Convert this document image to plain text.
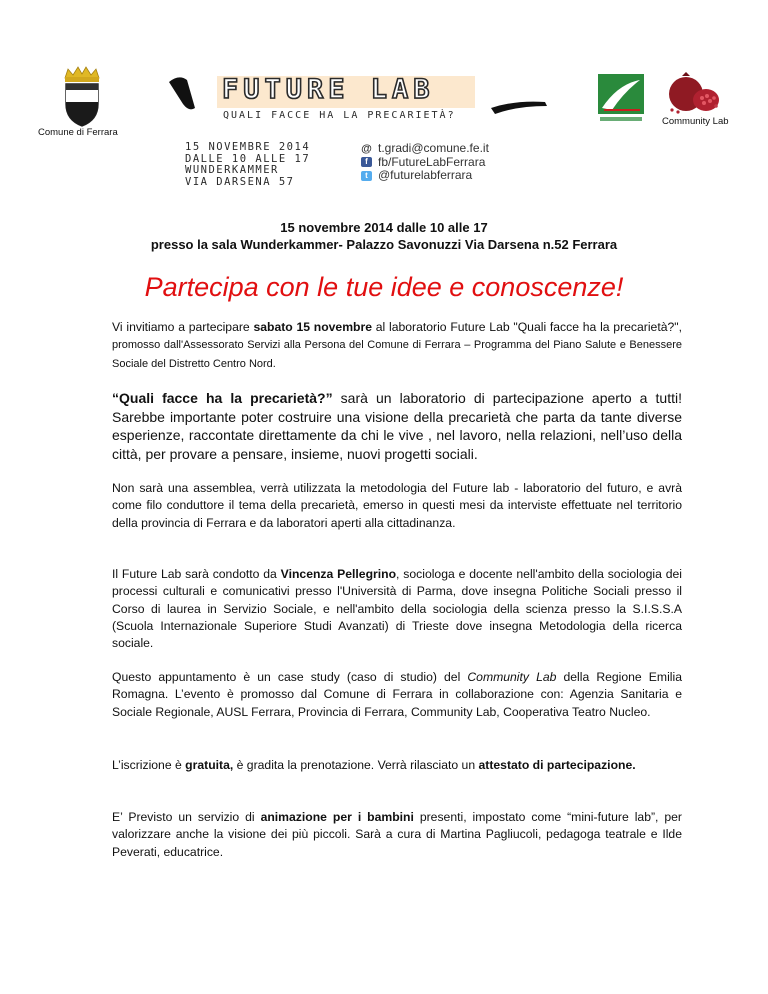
Comune di Ferrara
FUTURE LAB
QUALI FACCE HA LA PRECARIETÀ?
15 NOVEMBRE 2014
DALLE 10 ALLE 17
WUNDERKAMMER
VIA DARSENA 57
@ t.gradi@comune.fe.it
f fb/FutureLabFerrara
t @futurelabferrara
Community Lab
15 novembre 2014 dalle 10 alle 17
presso la sala Wunderkammer- Palazzo Savonuzzi Via Darsena n.52 Ferrara
Partecipa con le tue idee e conoscenze!

Vi invitiamo a partecipare sabato 15 novembre al laboratorio Future Lab "Quali facce ha la precarietà?", promosso dall'Assessorato Servizi alla Persona del Comune di Ferrara – Programma del Piano Salute e Benessere Sociale del Distretto Centro Nord.

“Quali facce ha la precarietà?” sarà un laboratorio di partecipazione aperto a tutti! Sarebbe importante poter costruire una visione della precarietà che parta da tante diverse esperienze, raccontate direttamente da chi le vive , nel lavoro, nella relazioni, nell’uso della città, per provare a pensare, insieme, nuovi progetti sociali.

Non sarà una assemblea, verrà utilizzata la metodologia del Future lab - laboratorio del futuro, e avrà come filo conduttore il tema della precarietà, emerso in questi mesi da interviste effettuate nel territorio della provincia di Ferrara e da laboratori aperti alla cittadinanza.

Il Future Lab sarà condotto da Vincenza Pellegrino, sociologa e docente nell'ambito della sociologia dei processi culturali e comunicativi presso l'Università di Parma, dove insegna Politiche Sociali presso il Corso di laurea in Servizio Sociale, e nell'ambito della sociologia della scienza presso la S.I.S.S.A (Scuola Internazionale Superiore Studi Avanzati) di Trieste dove insegna Metodologia della ricerca sociale.

Questo appuntamento è un case study (caso di studio) del Community Lab della Regione Emilia Romagna. L’evento è promosso dal Comune di Ferrara in collaborazione con: Agenzia Sanitaria e Sociale Regionale, AUSL Ferrara, Provincia di Ferrara, Community Lab, Cooperativa Teatro Nucleo.

L’iscrizione è gratuita, è gradita la prenotazione. Verrà rilasciato un attestato di partecipazione.

E’ Previsto un servizio di animazione per i bambini presenti, impostato come “mini-future lab”, per valorizzare anche la visione dei più piccoli. Sarà a cura di Martina Pagliucoli, pedagoga teatrale e Ilde Peverati, educatrice.
